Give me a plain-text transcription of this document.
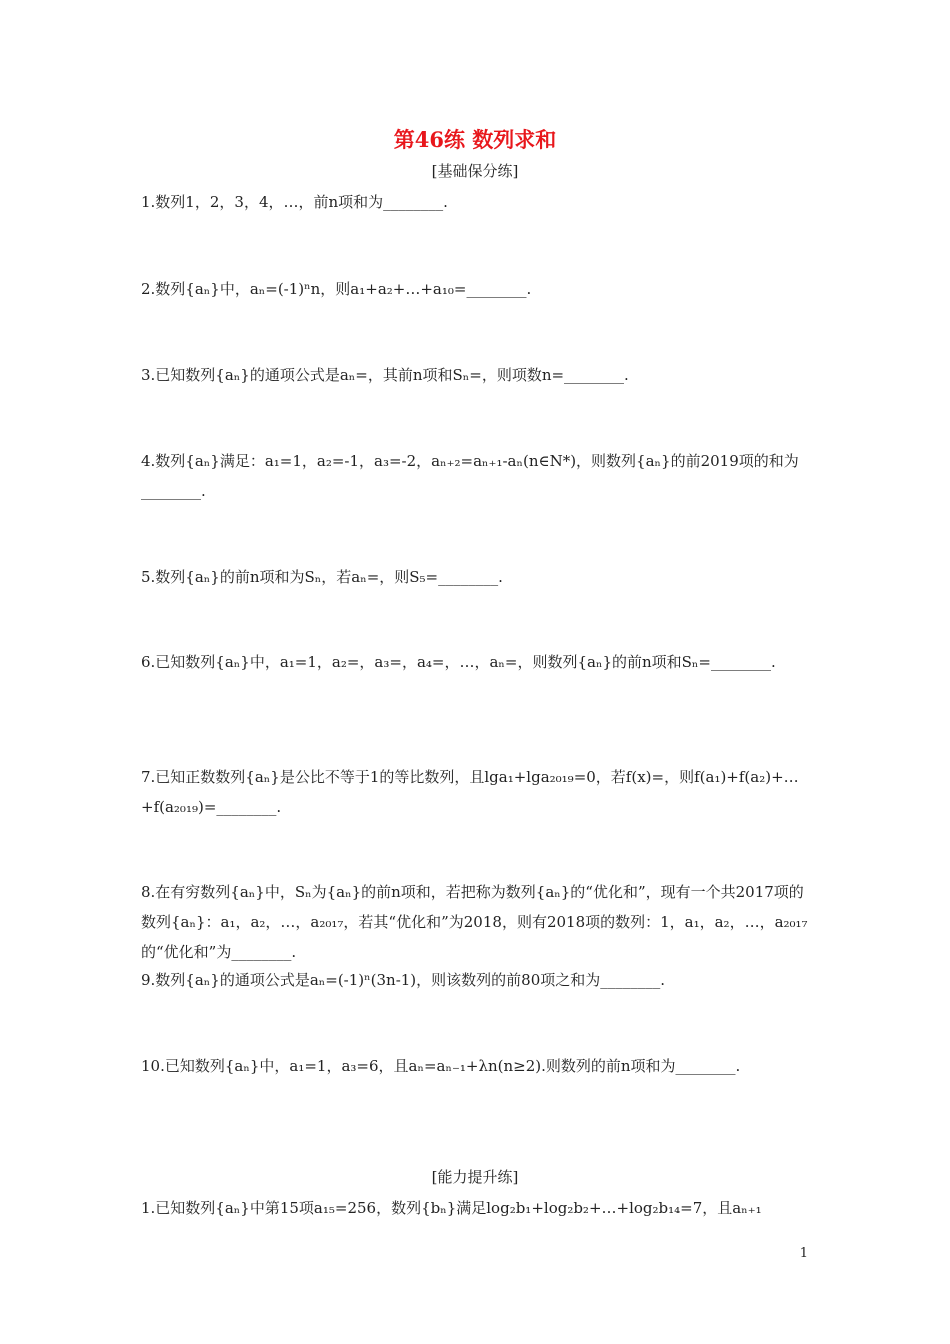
第46练 数列求和
[基础保分练]

1.数列1，2，3，4，…，前n项和为________.

2.数列{aₙ}中，aₙ=(-1)ⁿn，则a₁+a₂+…+a₁₀=________.

3.已知数列{aₙ}的通项公式是aₙ=，其前n项和Sₙ=，则项数n=________.

4.数列{aₙ}满足：a₁=1，a₂=-1，a₃=-2，aₙ₊₂=aₙ₊₁-aₙ(n∈N*)，则数列{aₙ}的前2019项的和为________.

5.数列{aₙ}的前n项和为Sₙ，若aₙ=，则S₅=________.

6.已知数列{aₙ}中，a₁=1，a₂=，a₃=，a₄=，…，aₙ=，则数列{aₙ}的前n项和Sₙ=________.

7.已知正数数列{aₙ}是公比不等于1的等比数列，且lga₁+lga₂₀₁₉=0，若f(x)=，则f(a₁)+f(a₂)+…+f(a₂₀₁₉)=________.

8.在有穷数列{aₙ}中，Sₙ为{aₙ}的前n项和，若把称为数列{aₙ}的“优化和”，现有一个共2017项的数列{aₙ}：a₁，a₂，…，a₂₀₁₇，若其“优化和”为2018，则有2018项的数列：1，a₁，a₂，…，a₂₀₁₇的“优化和”为________.

9.数列{aₙ}的通项公式是aₙ=(-1)ⁿ(3n-1)，则该数列的前80项之和为________.

10.已知数列{aₙ}中，a₁=1，a₃=6，且aₙ=aₙ₋₁+λn(n≥2).则数列的前n项和为________.

[能力提升练]

1.已知数列{aₙ}中第15项a₁₅=256，数列{bₙ}满足log₂b₁+log₂b₂+…+log₂b₁₄=7，且aₙ₊₁

1
